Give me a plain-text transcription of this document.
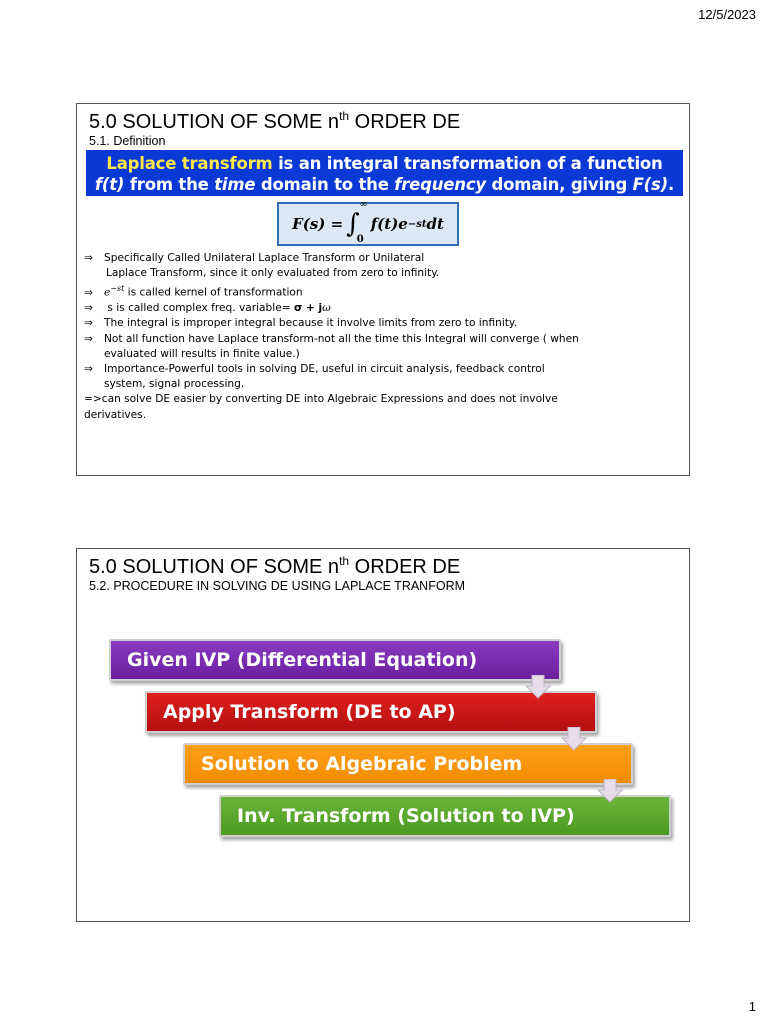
12/5/2023
5.0 SOLUTION OF SOME $n^{th}$ ORDER DE
5.1. Definition
Laplace transform is an integral transformation of a function
f(t) from the time domain to the frequency domain, giving F(s).
F(s) = ∫
∞
0
f(t)e −st dt
⇒ Specifically Called Unilateral Laplace Transform or Unilateral
Laplace Transform, since it only evaluated from zero to infinity.
⇒ $e^{-st}$ is called kernel of transformation
⇒ s is called complex freq. variable= σ + jω
⇒ The integral is improper integral because it involve limits from zero to infinity.
⇒ Not all function have Laplace transform-not all the time this Integral will converge ( when
evaluated will results in finite value.)
⇒ Importance-Powerful tools in solving DE, useful in circuit analysis, feedback control
system, signal processing.
=>can solve DE easier by converting DE into Algebraic Expressions and does not involve
derivatives.
5.0 SOLUTION OF SOME $n^{th}$ ORDER DE
5.2. PROCEDURE IN SOLVING DE USING LAPLACE TRANFORM
Given IVP (Differential Equation)
Apply Transform (DE to AP)
Solution to Algebraic Problem
Inv. Transform (Solution to IVP)
1
